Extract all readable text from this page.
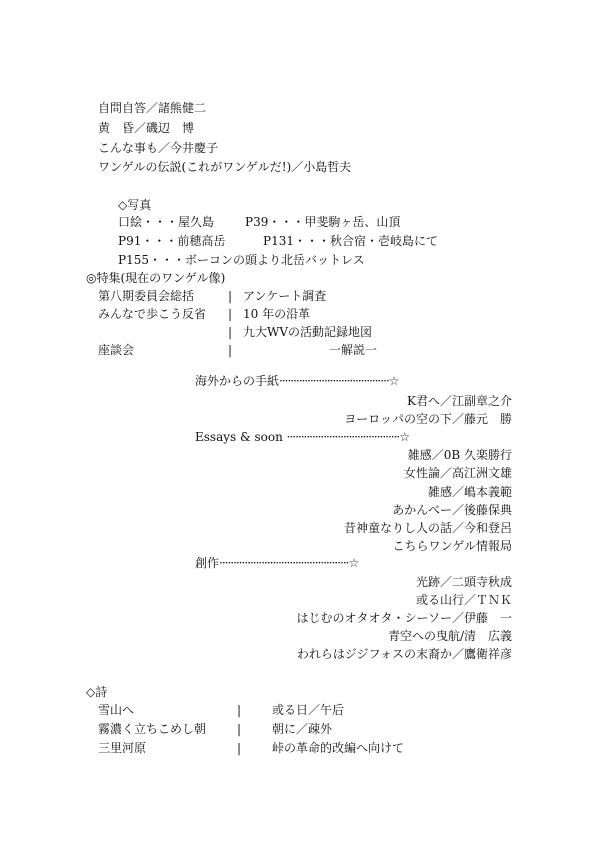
自問自答／諸熊健二
黄　昏／磯辺　博
こんな事も／今井慶子
ワンゲルの伝説(これがワンゲルだ!)／小島哲夫
◇写真
口絵・・・屋久島	P39・・・甲斐駒ヶ岳、山頂
P91・・・前穂高岳	P131・・・秋合宿・壱岐島にて
P155・・・ボーコンの頭より北岳バットレス
◎特集(現在のワンゲル像)
第八期委員会総括	| アンケート調査
みんなで歩こう反省 | 10 年の沿革
| 九大WVの活動記録地図
座談会	|	一解説一
海外からの手紙·······································☆
K君へ／江副章之介
ヨーロッパの空の下／藤元　勝
Essays & soon ········································☆
雑感／0B 久楽勝行
女性論／高江洲文雄
雑感／嶋本義範
あかんべー／後藤保典
昔神童なりし人の話／今和登呂
こちらワンゲル情報局
創作··············································☆
光跡／二頭寺秋成
或る山行／ＴＮＫ
はじむのオタオタ・シーソー／伊藤　一
青空への曳航/清　広義
われらはジジフォスの末裔か／鷹衛祥彦
◇詩
雪山へ	|	或る日／午后
霧濃く立ちこめし朝	|	朝に／疎外
三里河原	|	峠の革命的改編へ向けて
